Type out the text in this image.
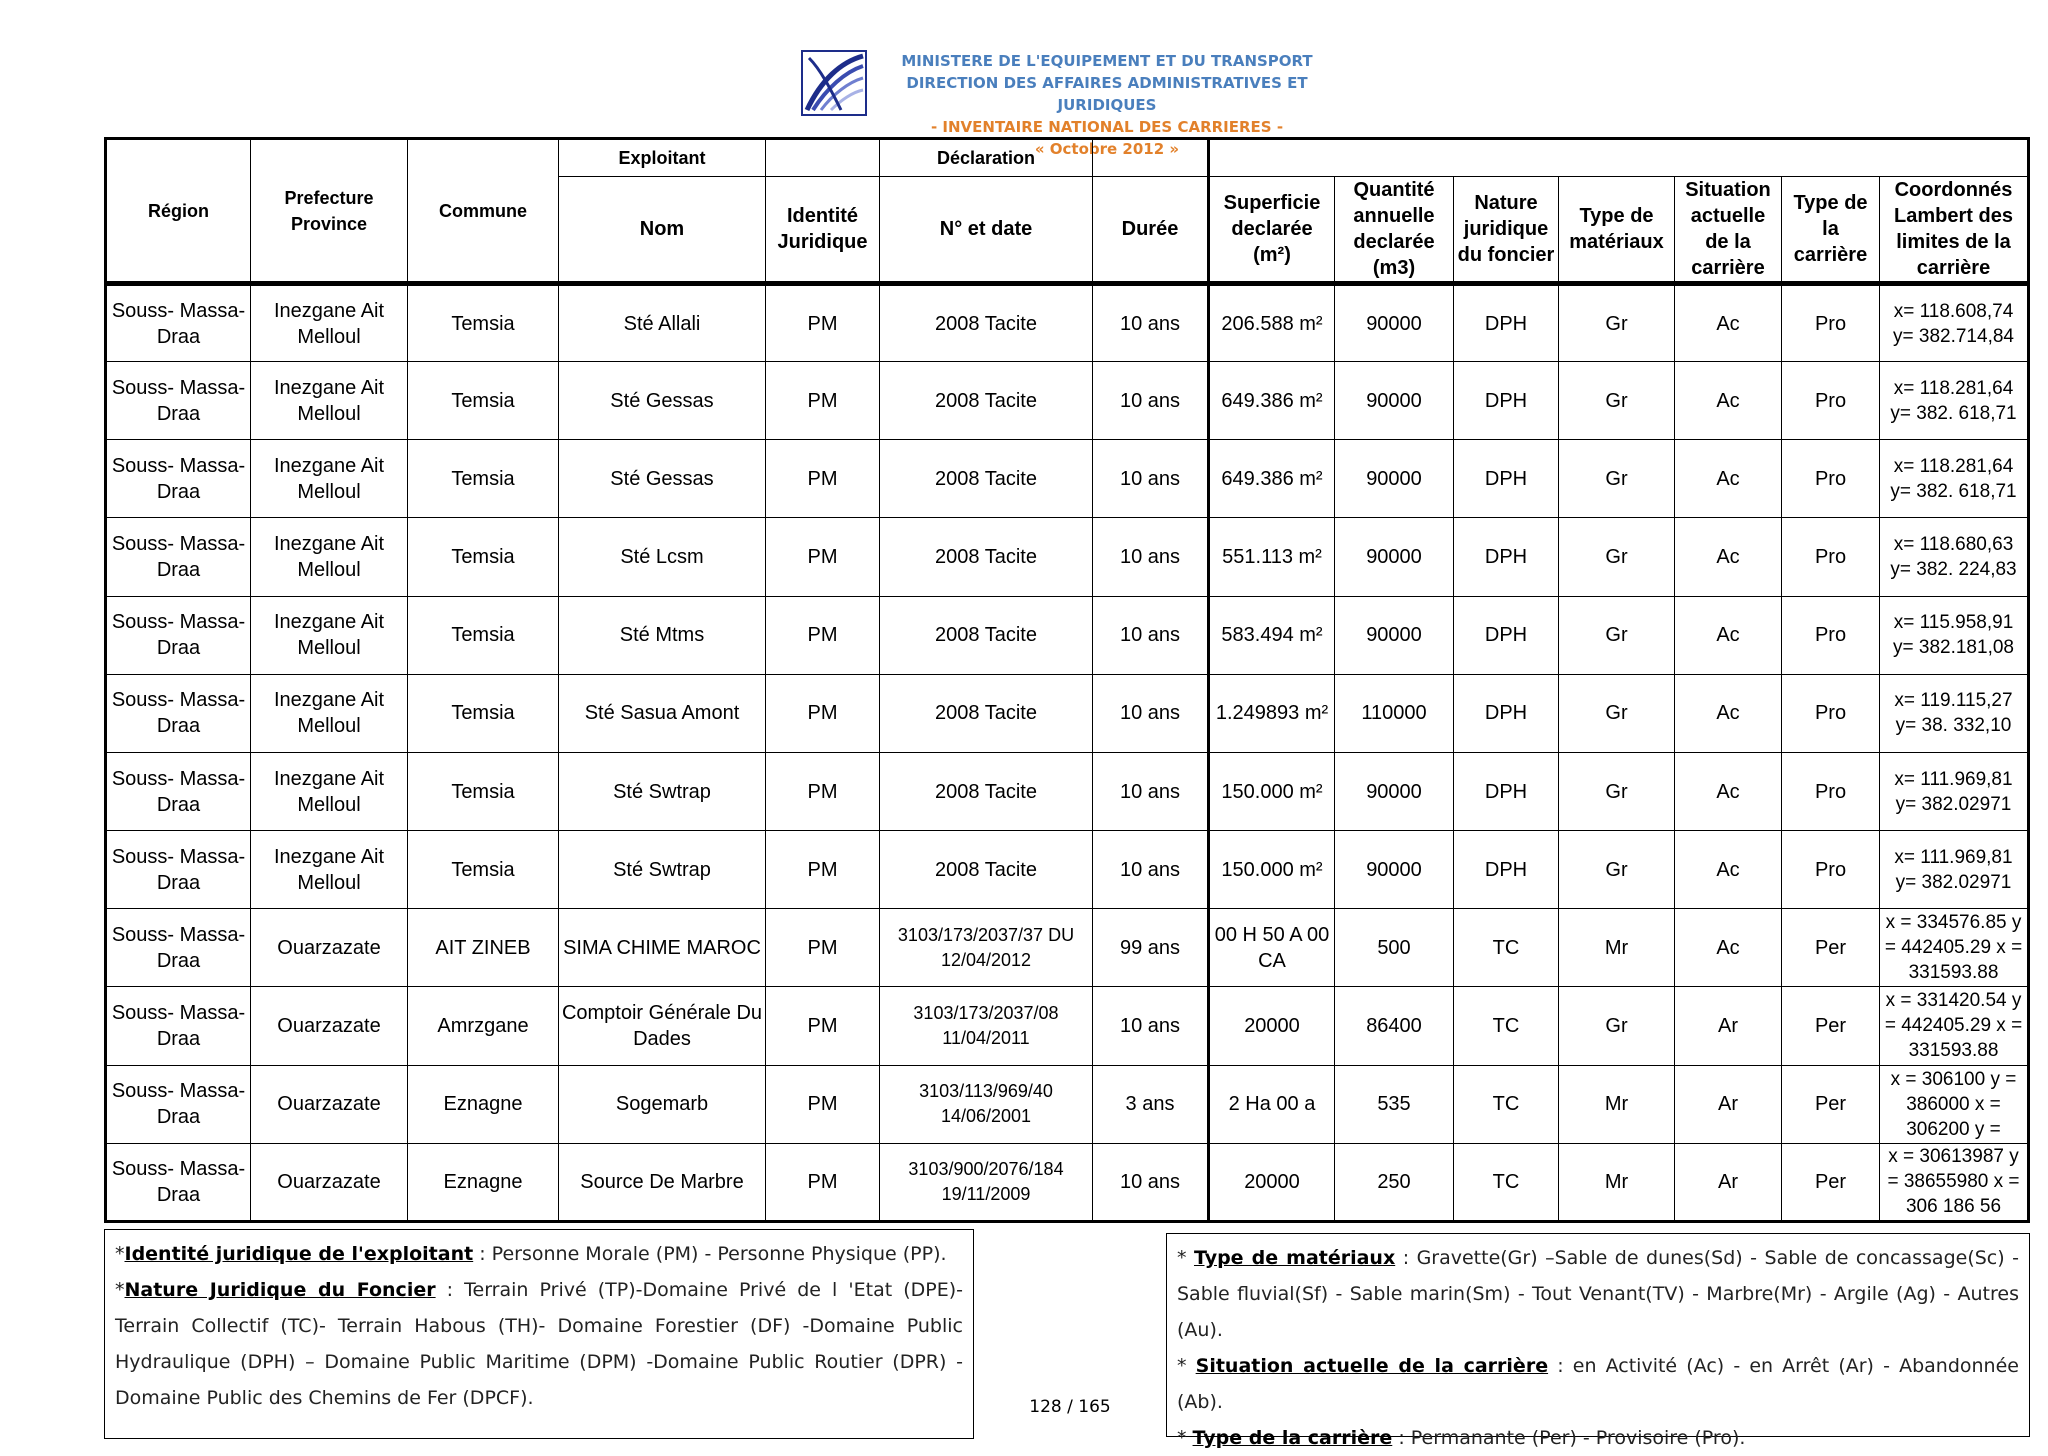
MINISTERE DE L'EQUIPEMENT ET DU TRANSPORT
DIRECTION DES AFFAIRES ADMINISTRATIVES ET JURIDIQUES
- INVENTAIRE NATIONAL DES CARRIERES -
« Octobre 2012 »
Région	Prefecture Province	Commune	Exploitant		Déclaration								
			Nom	Identité Juridique	N° et date	Durée	Superficie declarée (m²)	Quantité annuelle declarée (m3)	Nature juridique du foncier	Type de matériaux	Situation actuelle de la carrière	Type de la carrière	Coordonnés Lambert des limites de la carrière
Souss- Massa-Draa	Inezgane Ait Melloul	Temsia	Sté Allali	PM	2008 Tacite	10 ans	206.588 m²	90000	DPH	Gr	Ac	Pro	x= 118.608,74 y= 382.714,84
Souss- Massa-Draa	Inezgane Ait Melloul	Temsia	Sté Gessas	PM	2008 Tacite	10 ans	649.386 m²	90000	DPH	Gr	Ac	Pro	x= 118.281,64 y= 382. 618,71
Souss- Massa-Draa	Inezgane Ait Melloul	Temsia	Sté Gessas	PM	2008 Tacite	10 ans	649.386 m²	90000	DPH	Gr	Ac	Pro	x= 118.281,64 y= 382. 618,71
Souss- Massa-Draa	Inezgane Ait Melloul	Temsia	Sté Lcsm	PM	2008 Tacite	10 ans	551.113 m²	90000	DPH	Gr	Ac	Pro	x= 118.680,63 y= 382. 224,83
Souss- Massa-Draa	Inezgane Ait Melloul	Temsia	Sté Mtms	PM	2008 Tacite	10 ans	583.494 m²	90000	DPH	Gr	Ac	Pro	x= 115.958,91 y= 382.181,08
Souss- Massa-Draa	Inezgane Ait Melloul	Temsia	Sté Sasua Amont	PM	2008 Tacite	10 ans	1.249893 m²	110000	DPH	Gr	Ac	Pro	x= 119.115,27 y= 38. 332,10
Souss- Massa-Draa	Inezgane Ait Melloul	Temsia	Sté Swtrap	PM	2008 Tacite	10 ans	150.000 m²	90000	DPH	Gr	Ac	Pro	x= 111.969,81 y= 382.02971
Souss- Massa-Draa	Inezgane Ait Melloul	Temsia	Sté Swtrap	PM	2008 Tacite	10 ans	150.000 m²	90000	DPH	Gr	Ac	Pro	x= 111.969,81 y= 382.02971
Souss- Massa-Draa	Ouarzazate	AIT ZINEB	SIMA CHIME MAROC	PM	3103/173/2037/37 DU 12/04/2012	99 ans	00 H 50 A 00 CA	500	TC	Mr	Ac	Per	x = 334576.85 y = 442405.29 x = 331593.88
Souss- Massa-Draa	Ouarzazate	Amrzgane	Comptoir Générale Du Dades	PM	3103/173/2037/08 11/04/2011	10 ans	20000	86400	TC	Gr	Ar	Per	x = 331420.54 y = 442405.29 x = 331593.88
Souss- Massa-Draa	Ouarzazate	Eznagne	Sogemarb	PM	3103/113/969/40 14/06/2001	3 ans	2 Ha 00 a	535	TC	Mr	Ar	Per	x = 306100 y = 386000 x = 306200 y =
Souss- Massa-Draa	Ouarzazate	Eznagne	Source De Marbre	PM	3103/900/2076/184 19/11/2009	10 ans	20000	250	TC	Mr	Ar	Per	x = 30613987 y = 38655980 x = 306 186 56

*Identité juridique de l'exploitant : Personne Morale (PM) - Personne Physique (PP).

*Nature Juridique du Foncier : Terrain Privé (TP)-Domaine Privé de l 'Etat (DPE)- Terrain Collectif (TC)- Terrain Habous (TH)- Domaine Forestier (DF) -Domaine Public Hydraulique (DPH) – Domaine Public Maritime (DPM) -Domaine Public Routier (DPR) - Domaine Public des Chemins de Fer (DPCF).	128 / 165

* Type de matériaux : Gravette(Gr) –Sable de dunes(Sd) - Sable de concassage(Sc) - Sable fluvial(Sf) - Sable marin(Sm) - Tout Venant(TV) - Marbre(Mr) - Argile (Ag) - Autres (Au).

* Situation actuelle de la carrière : en Activité (Ac) - en Arrêt (Ar) - Abandonnée (Ab).

* Type de la carrière : Permanante (Per) - Provisoire (Pro).
